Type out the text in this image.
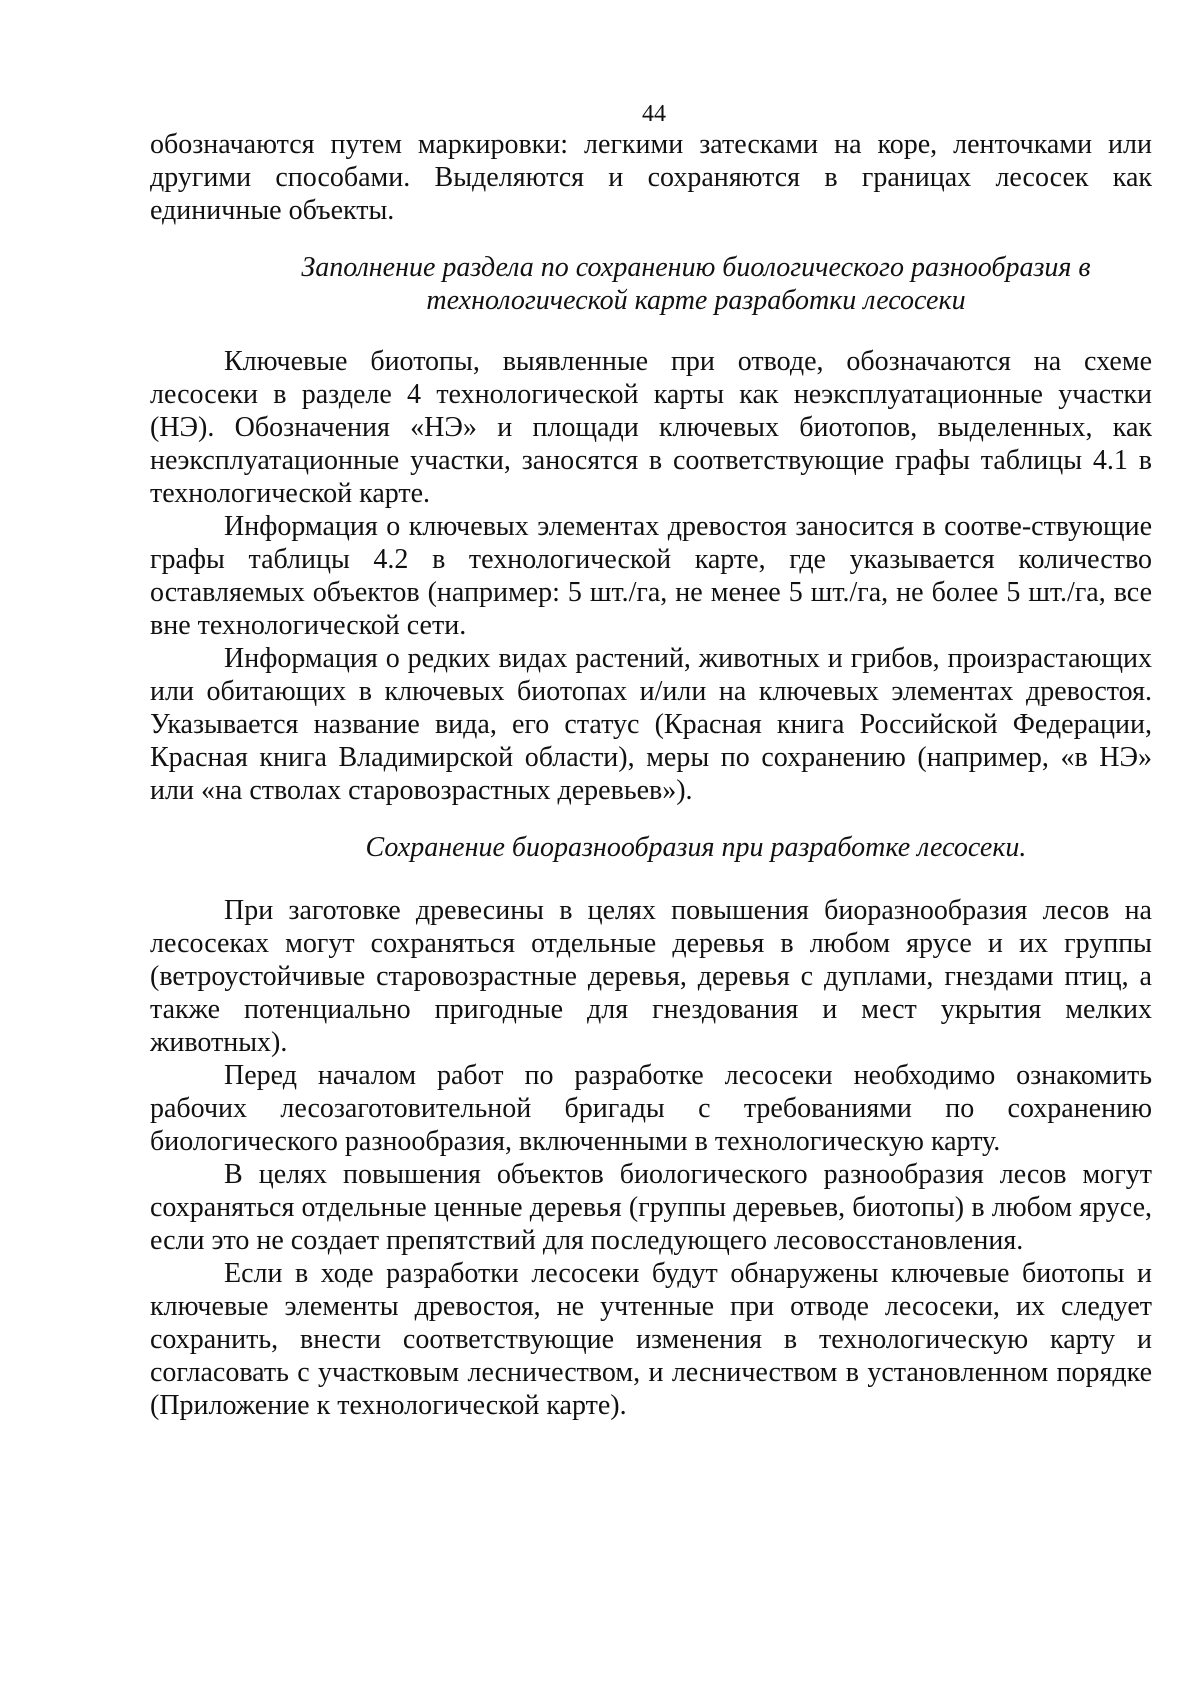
44

обозначаются путем маркировки: легкими затесками на коре, ленточками или другими способами. Выделяются и сохраняются в границах лесосек как единичные объекты.

Заполнение раздела по сохранению биологического разнообразия в
технологической карте разработки лесосеки

Ключевые биотопы, выявленные при отводе, обозначаются на схеме лесосеки в разделе 4 технологической карты как неэксплуатационные участки (НЭ). Обозначения «НЭ» и площади ключевых биотопов, выделенных, как неэксплуатационные участки, заносятся в соответствующие графы таблицы 4.1 в технологической карте.

Информация о ключевых элементах древостоя заносится в соотве-ствующие графы таблицы 4.2 в технологической карте, где указывается количество оставляемых объектов (например: 5 шт./га, не менее 5 шт./га, не более 5 шт./га, все вне технологической сети.

Информация о редких видах растений, животных и грибов, произрастающих или обитающих в ключевых биотопах и/или на ключевых элементах древостоя. Указывается название вида, его статус (Красная книга Российской Федерации, Красная книга Владимирской области), меры по сохранению (например, «в НЭ» или «на стволах старовозрастных деревьев»).

Сохранение биоразнообразия при разработке лесосеки.

При заготовке древесины в целях повышения биоразнообразия лесов на лесосеках могут сохраняться отдельные деревья в любом ярусе и их группы (ветроустойчивые старовозрастные деревья, деревья с дуплами, гнездами птиц, а также потенциально пригодные для гнездования и мест укрытия мелких животных).

Перед началом работ по разработке лесосеки необходимо ознакомить рабочих лесозаготовительной бригады с требованиями по сохранению биологического разнообразия, включенными в технологическую карту.

В целях повышения объектов биологического разнообразия лесов могут сохраняться отдельные ценные деревья (группы деревьев, биотопы) в любом ярусе, если это не создает препятствий для последующего лесовосстановления.

Если в ходе разработки лесосеки будут обнаружены ключевые биотопы и ключевые элементы древостоя, не учтенные при отводе лесосеки, их следует сохранить, внести соответствующие изменения в технологическую карту и согласовать с участковым лесничеством, и лесничеством в установленном порядке (Приложение к технологической карте).
